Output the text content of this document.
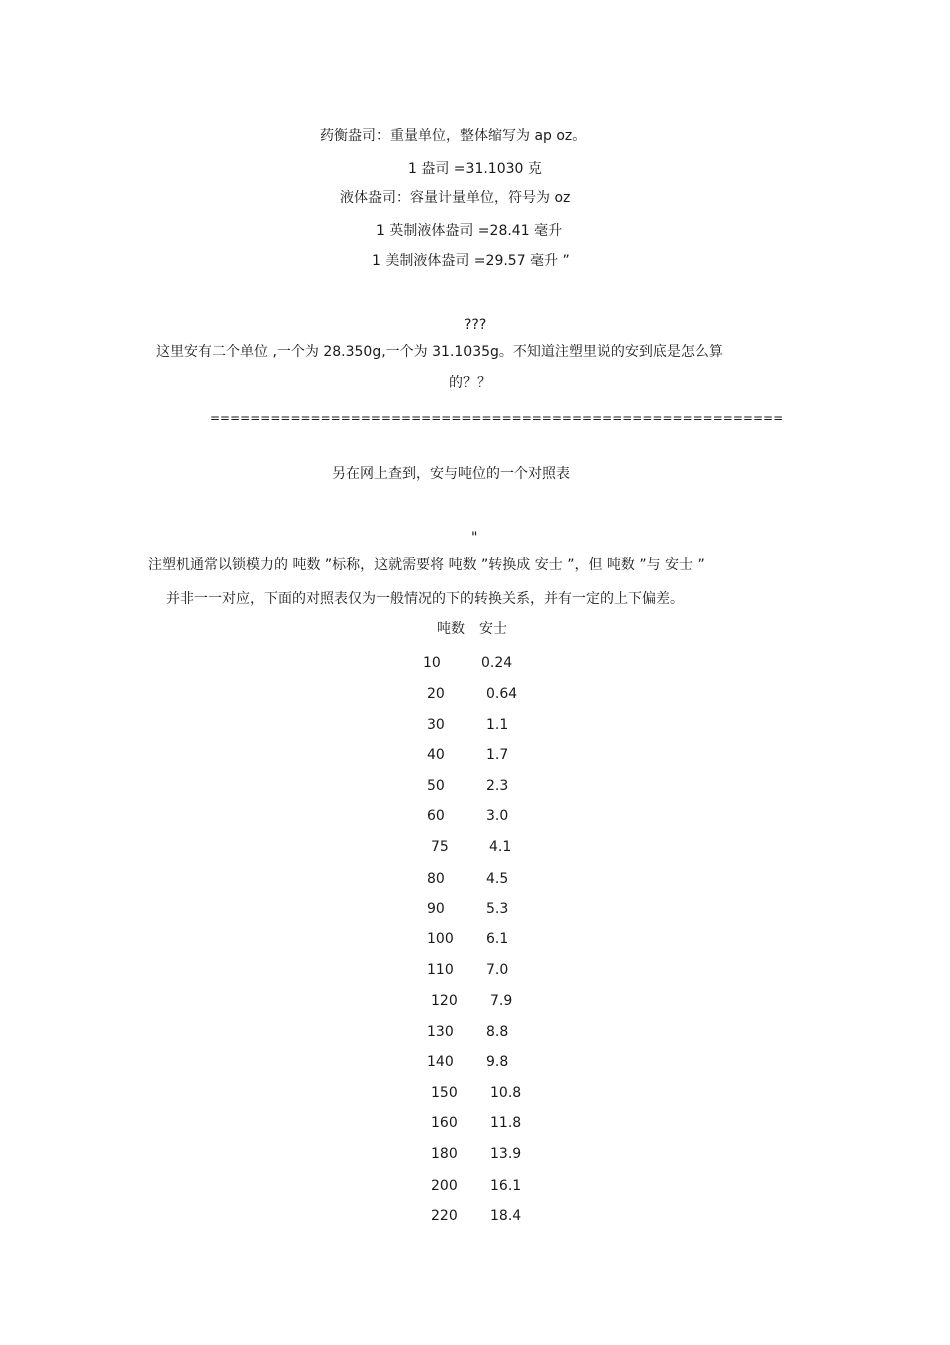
药衡盎司：重量单位，整体缩写为 ap oz。
1 盎司 =31.1030 克
液体盎司：容量计量单位，符号为 oz
1 英制液体盎司 =28.41 毫升
1 美制液体盎司 =29.57 毫升 ”
???
这里安有二个单位 ,一个为 28.350g,一个为 31.1035g。不知道注塑里说的安到底是怎么算
的？？
=========================================================
另在网上查到，安与吨位的一个对照表
"
注塑机通常以锁模力的 吨数 ”标称，这就需要将 吨数 ”转换成 安士 ”，但 吨数 ”与 安士 ”
并非一一对应，下面的对照表仅为一般情况的下的转换关系，并有一定的上下偏差。
吨数 安士
10	0.24
20	0.64
30	1.1
40	1.7
50	2.3
60	3.0
75	4.1
80	4.5
90	5.3
100 6.1
110 7.0
120 7.9
130 8.8
140 9.8
150 10.8
160 11.8
180 13.9
200 16.1
220 18.4
